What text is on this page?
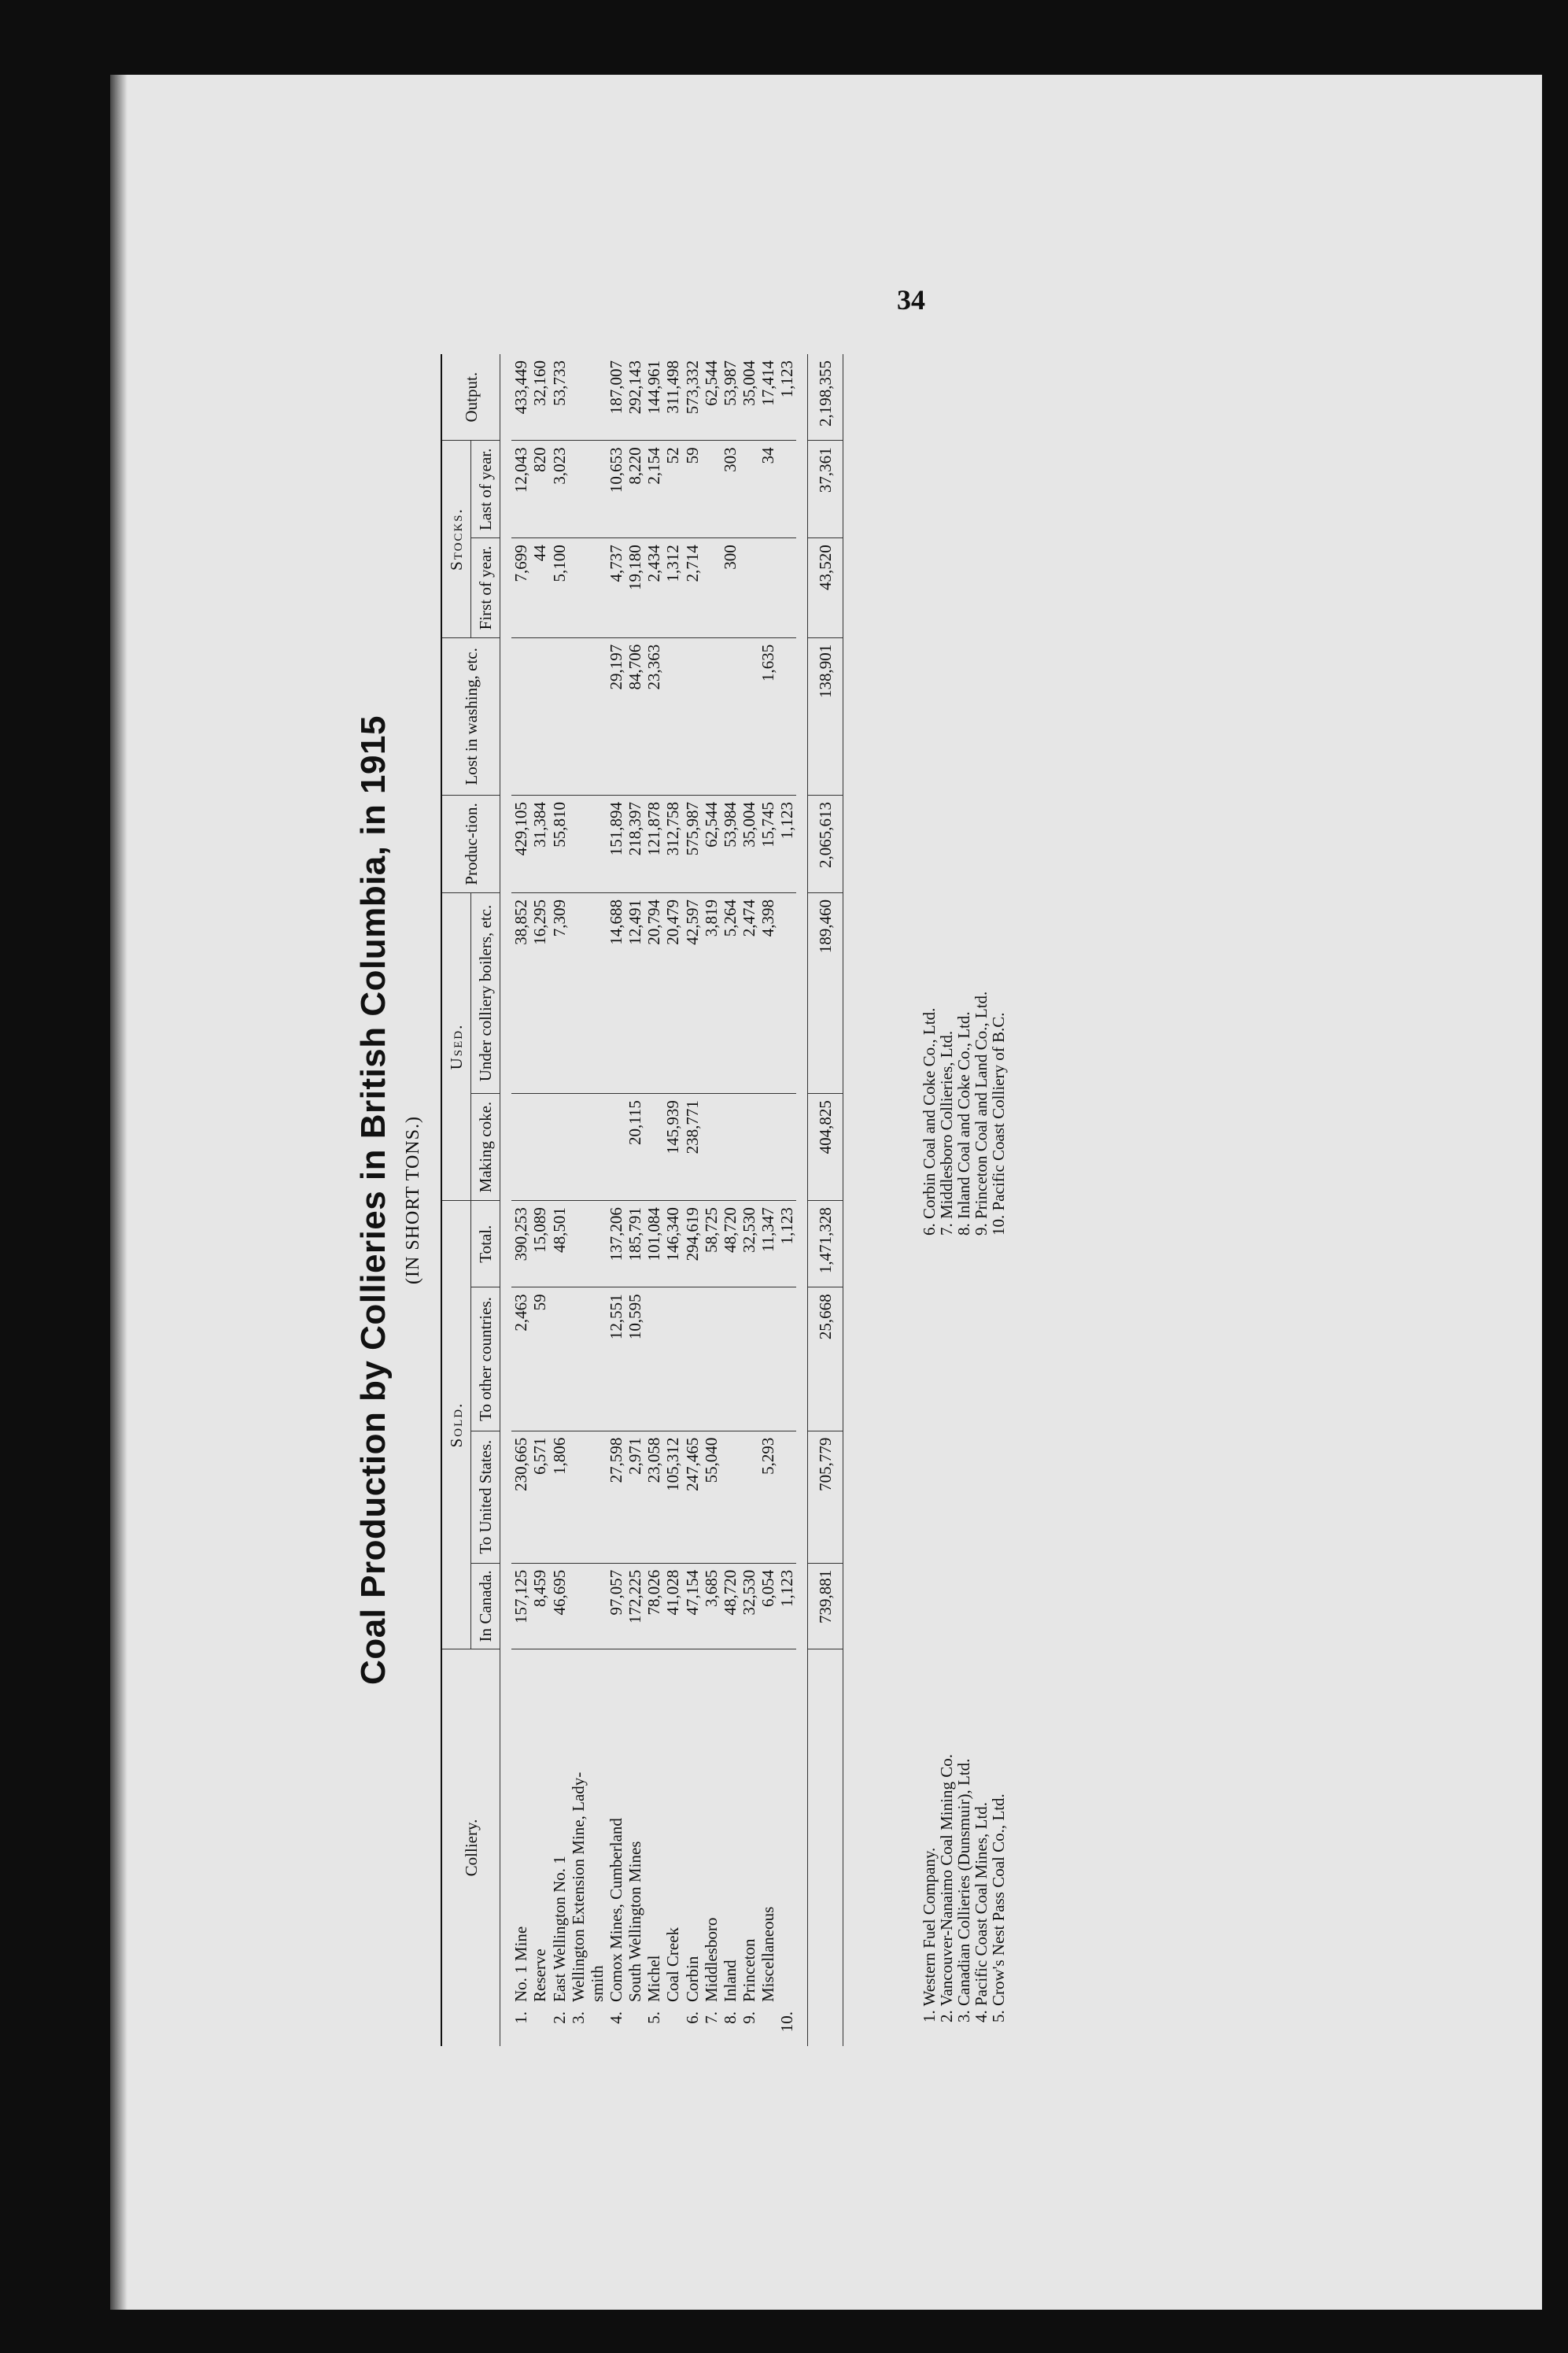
34
Coal Production by Collieries in British Columbia, in 1915 (IN SHORT TONS.)
Colliery.		Sold.				Used.		Produc-tion.	Lost in washing, etc.	Stocks.		Output.
		In Canada.	To United States.	To other countries.	Total.	Making coke.	Under colliery boilers, etc.			First of year.	Last of year.	

1.	No. 1 Mine	157,125	230,665	2,463	390,253		38,852	429,105		7,699	12,043	433,449
	Reserve	8,459	6,571	59	15,089		16,295	31,384		44	820	32,160
2.	East Wellington No. 1	46,695	1,806		48,501		7,309	55,810		5,100	3,023	53,733
3.	Wellington Extension Mine, Lady-											
	smith											
4.	Comox Mines, Cumberland	97,057	27,598	12,551	137,206		14,688	151,894	29,197	4,737	10,653	187,007
	South Wellington Mines	172,225	2,971	10,595	185,791	20,115	12,491	218,397	84,706	19,180	8,220	292,143
5.	Michel	78,026	23,058		101,084		20,794	121,878	23,363	2,434	2,154	144,961
	Coal Creek	41,028	105,312		146,340	145,939	20,479	312,758		1,312	52	311,498
6.	Corbin	47,154	247,465		294,619	238,771	42,597	575,987		2,714	59	573,332
7.	Middlesboro	3,685	55,040		58,725		3,819	62,544				62,544
8.	Inland	48,720			48,720		5,264	53,984		300	303	53,987
9.	Princeton	32,530			32,530		2,474	35,004				35,004
	Miscellaneous	6,054	5,293		11,347		4,398	15,745	1,635		34	17,414
10.		1,123			1,123			1,123				1,123

		739,881	705,779	25,668	1,471,328	404,825	189,460	2,065,613	138,901	43,520	37,361	2,198,355
1. Western Fuel Company.
2. Vancouver-Nanaimo Coal Mining Co.
3. Canadian Collieries (Dunsmuir), Ltd.
4. Pacific Coast Coal Mines, Ltd.
5. Crow's Nest Pass Coal Co., Ltd.
6. Corbin Coal and Coke Co., Ltd.
7. Middlesboro Collieries, Ltd.
8. Inland Coal and Coke Co., Ltd.
9. Princeton Coal and Land Co., Ltd.
10. Pacific Coast Colliery of B.C.
